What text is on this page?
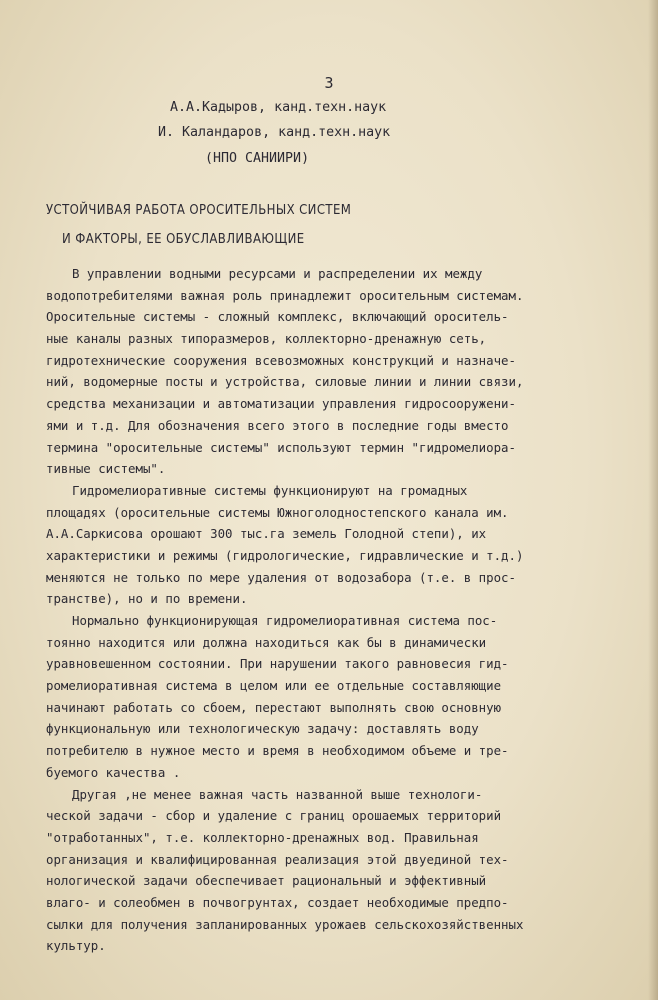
3
А.А.Кадыров, канд.техн.наук
И. Каландаров, канд.техн.наук
(НПО САНИИРИ)
УСТОЙЧИВАЯ РАБОТА ОРОСИТЕЛЬНЫХ СИСТЕМ
И ФАКТОРЫ, ЕЕ ОБУСЛАВЛИВАЮЩИЕ
В управлении водными ресурсами и распределении их между
водопотребителями важная роль принадлежит оросительным системам.
Оросительные системы - сложный комплекс, включающий ороситель-
ные каналы разных типоразмеров, коллекторно-дренажную сеть,
гидротехнические сооружения всевозможных конструкций и назначе-
ний, водомерные посты и устройства, силовые линии и линии связи,
средства механизации и автоматизации управления гидросооружени-
ями и т.д. Для обозначения всего этого в последние годы вместо
термина "оросительные системы" используют термин "гидромелиора-
тивные системы".
Гидромелиоративные системы функционируют на громадных
площадях (оросительные системы Южноголодностепского канала им.
А.А.Саркисова орошают 300 тыс.га земель Голодной степи), их
характеристики и режимы (гидрологические, гидравлические и т.д.)
меняются не только по мере удаления от водозабора (т.е. в прос-
транстве), но и по времени.
Нормально функционирующая гидромелиоративная система пос-
тоянно находится или должна находиться как бы в динамически
уравновешенном состоянии. При нарушении такого равновесия гид-
ромелиоративная система в целом или ее отдельные составляющие
начинают работать со сбоем, перестают выполнять свою основную
функциональную или технологическую задачу: доставлять воду
потребителю в нужное место и время в необходимом объеме и тре-
буемого качества .
Другая ,не менее важная часть названной выше технологи-
ческой задачи - сбор и удаление с границ орошаемых территорий
"отработанных", т.е. коллекторно-дренажных вод. Правильная
организация и квалифицированная реализация этой двуединой тех-
нологической задачи обеспечивает рациональный и эффективный
влаго- и солеобмен в почвогрунтах, создает необходимые предпо-
сылки для получения запланированных урожаев сельскохозяйственных
культур.
